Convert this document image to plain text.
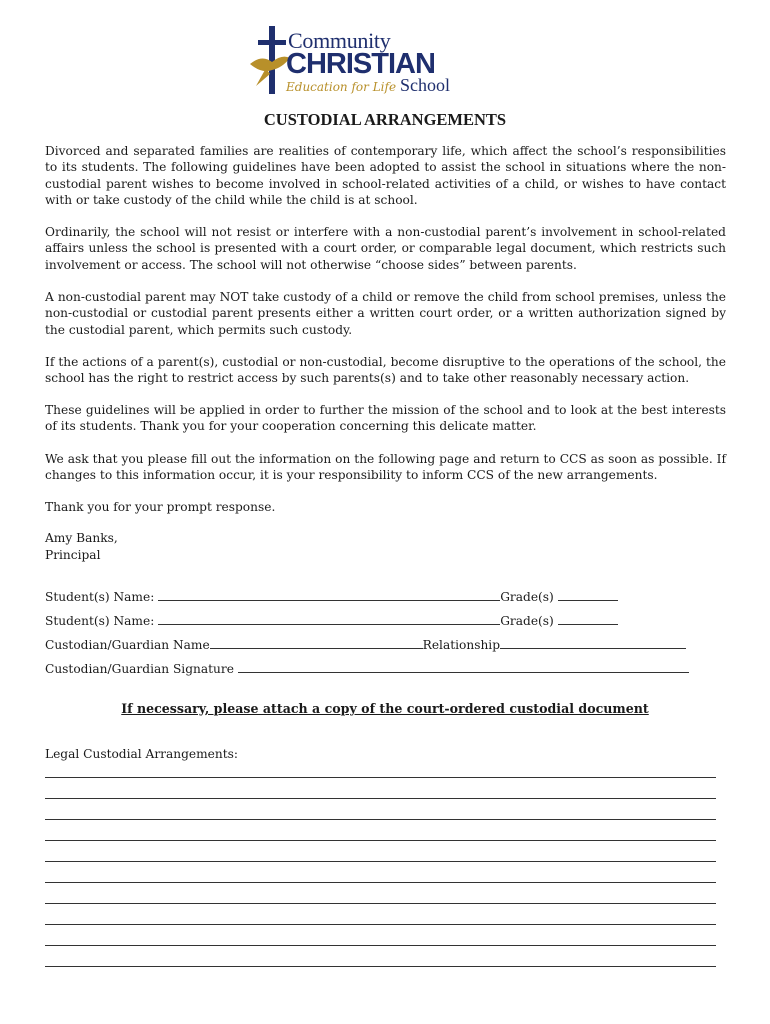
Community
CHRISTIAN
Education for Life School
CUSTODIAL ARRANGEMENTS

Divorced and separated families are realities of contemporary life, which affect the school’s responsibilities to its students. The following guidelines have been adopted to assist the school in situations where the non-custodial parent wishes to become involved in school-related activities of a child, or wishes to have contact with or take custody of the child while the child is at school.

Ordinarily, the school will not resist or interfere with a non-custodial parent’s involvement in school-related affairs unless the school is presented with a court order, or comparable legal document, which restricts such involvement or access. The school will not otherwise “choose sides” between parents.

A non-custodial parent may NOT take custody of a child or remove the child from school premises, unless the non-custodial or custodial parent presents either a written court order, or a written authorization signed by the custodial parent, which permits such custody.

If the actions of a parent(s), custodial or non-custodial, become disruptive to the operations of the school, the school has the right to restrict access by such parents(s) and to take other reasonably necessary action.

These guidelines will be applied in order to further the mission of the school and to look at the best interests of its students. Thank you for your cooperation concerning this delicate matter.

We ask that you please fill out the information on the following page and return to CCS as soon as possible. If changes to this information occur, it is your responsibility to inform CCS of the new arrangements.

Thank you for your prompt response.

Amy Banks,

Principal

Student(s) Name:	Grade(s)
Student(s) Name:	Grade(s)
Custodian/Guardian Name	Relationship
Custodian/Guardian Signature
If necessary, please attach a copy of the court-ordered custodial document

Legal Custodial Arrangements:
